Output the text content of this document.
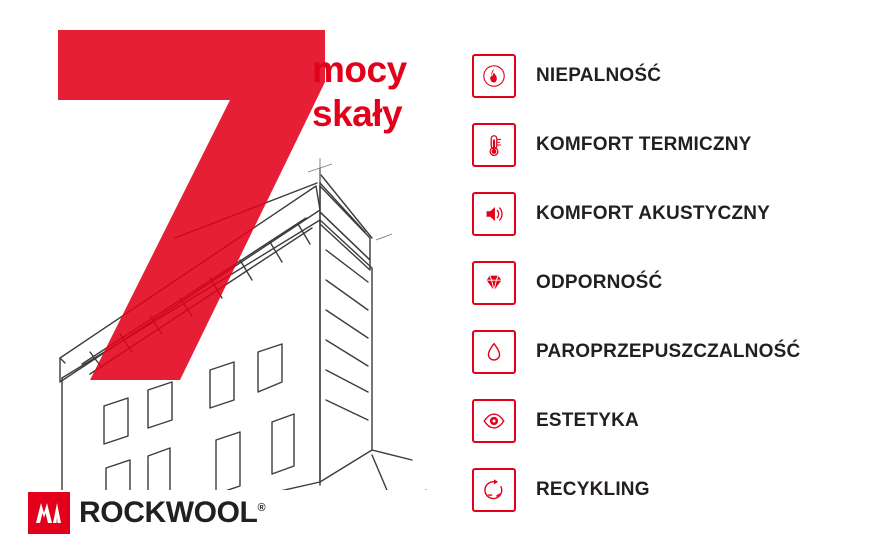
mocy
skały
ROCKWOOL®
NIEPALNOŚĆ
KOMFORT TERMICZNY
KOMFORT AKUSTYCZNY
ODPORNOŚĆ
PAROPRZEPUSZCZALNOŚĆ
ESTETYKA
RECYKLING
